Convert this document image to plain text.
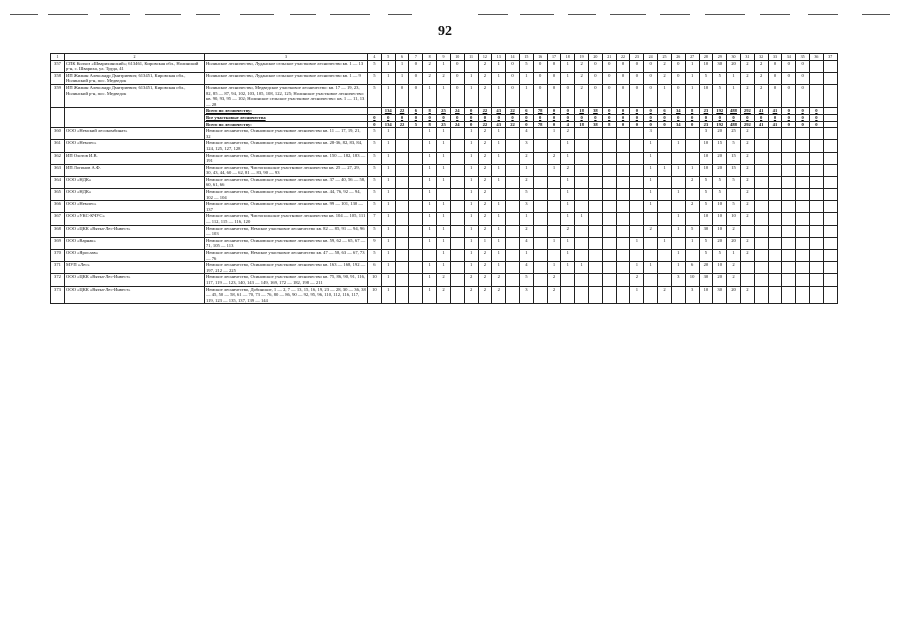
92
1	2	3	4	5	6	7	8	9	10	11	12	13	14	15	16	17	18	19	20	21	22	23	24	25	26	27	28	29	30	31	32	33	34	35	36	37
357	СПК Колхоз «Шварихинский»; 613461, Кировская обл., Нолинский р-н, с. Швариха, ул. Труда, 41	Нолинское лесничество, Луданское сельское участковое лесничество кв. 1 — 13	5	1	1	0	2	1	0		2	1	0	5	0	0	1	2	0	0	0	0	0	2	0	1	10	30	20	2	2	0	0	0		
358	ИП Жижин Александр Дмитриевич; 613451, Кировская обл., Нолинский р-н, пос. Медведок	Нолинское лесничество, Луданское сельское участковое лесничество кв. 1 — 9	5	1	1	0	2	2	0	1	2	1	0	1	0	0	1	2	0	0	0	0	0	2	0	1	5	5	1	2	2	0	0	0		
359	ИП Жижин Александр Дмитриевич; 613451, Кировская обл., Нолинский р-н, пос. Медведок	Нолинское лесничество, Медведское участковое лесничество: кв. 17 — 19, 23, 82, 85 — 87, 94, 102, 103, 105, 108, 122, 125; Нолинское участковое лесничество: кв. 90, 93, 95 — 102; Нолинское сельское участковое лесничество: кв. 1 — 11, 13 — 28	5	1	0	0	1	1	0	1	2	1	0	1	0	0	0	2	0	0	0	0	0	1	0	1	10	5	1	2	2	0	0	0		
		Всего по лесничеству:		134	22	6	8	25	24	0	22	43	22	6	78	0	0	18	38	0	0	0	0	6	34	8	23	192	488	292	41	41	0	0	0	
		Все участковые лесничества	0	0	0	0	0	0	0	0	0	0	0	0	0	0	0	0	0	0	0	0	0	0	0	0	0	0	0	0	0	0	0	0	0	
		Всего по лесничеству:	0	134	22	5	8	25	24	0	22	43	22	0	78	0	4	18	38	8	0	0	0	0	34	0	23	192	488	292	41	41	0	0	0	
360	ООО «Немский лесокомбинат»	Немское лесничество, Осиновское участковое лесничество кв. 11 — 17, 19, 21, 32	5	1			1	1		1	2	1		4		1	2						3				3	20	25	2						
361	ООО «Немлес»	Немское лесничество, Осиновское участковое лесничество кв. 28-36, 82, 83, 84, 124, 125, 127, 128	5	1			1	1		1	2	1		3			1						1		1		10	15	5	2						
362	ИП Охотов И.В.	Немское лесничество, Осиновское участковое лесничество кв. 150 — 182, 183 — 191	5	1			1	1		1	2	1		2		2	1						1				10	20	15	2						
363	ИП Логинов А.Ф.	Немское лесничество, Чистопольское участковое лесничество кв. 25 — 27, 29, 30, 43, 44, 60 — 62, 81 — 83, 90 — 93	5	1			1	1		1	2	1		1		1	2						1	1	1	1	10	20	15	2						
364	ООО «НДК»	Немское лесничество, Осиновское участковое лесничество кв. 37 — 40, 56 — 58, 60, 61, 66	5	1			1	1		1	2	1		2			1						1			2	5	5	5	2						
365	ООО «НДК»	Немское лесничество, Осиновское участковое лесничество кв. 44, 76, 92 — 94, 102 — 104	5	1			1			1	2			5			1						1		1		5	5		2						
366	ООО «Немлес»	Немское лесничество, Осиновское участковое лесничество кв. 99 — 101, 130 — 137	5	1			1	1		1	2	1		3			1						1			2	5	10	5	2						
367	ООО «УКС-КЧУС»	Немское лесничество, Чистопольское участковое лесничество кв. 104 — 105, 111 — 112, 115 — 116, 120	7	1			1	1		1	2	1		1			1	1							1		10	10	10	2						
368	ООО «ЦКК «Вятка-Лес-Инвест»	Немское лесничество, Немское участковое лесничество кв. 82 — 85, 91 — 94, 96 — 103	5	1			1	1		1	2	1		2			2						2		1	5	30	10	2							
369	ООО «Варнак»	Немское лесничество, Осиновское участковое лесничество кв. 59, 62 — 65, 67 — 71, 105 — 113	9	1			1	1		1	1	1		4		1	1					1		1		1	5	20	20	2						
370	ООО «Ярослав»	Немское лесничество, Немское участковое лесничество кв. 47 — 58, 63 — 67, 73 — 76	5	1				1		1	2	1		1			1								1		5	5	1	2						
371	МУП «Лес»	Немское лесничество, Осиновское участковое лесничество кв. 163 — 168, 192 — 197, 212 — 225	6	1			1	1		1	2	1		4		1	1	1				1	1		1	6	20	10	2							
372	ООО «ЦКК «Вятка-Лес-Инвест»	Немское лесничество, Осиновское участковое лесничество кв. 75, 86, 90, 91, 116, 117, 119 — 123, 140, 143 — 149, 169, 172 — 182, 198 — 211	10	1			1	2		2	2	2		5		2						2			3	10	30	20	2							
373	ООО «ЦКК «Вятка-Лес-Инвест»	Немское лесничество, Добинское, 1 — 2, 7 — 13, 15, 16, 19, 23 — 28, 30 — 36, 38 — 45, 50 — 58, 61 — 70, 73 — 76, 80 — 86, 90 — 92, 95, 96, 110, 112, 116, 117, 119, 123 — 135, 137, 139 — 144	10	1			1	2		2	2	2		3		2						1		2		3	10	30	20	2						
